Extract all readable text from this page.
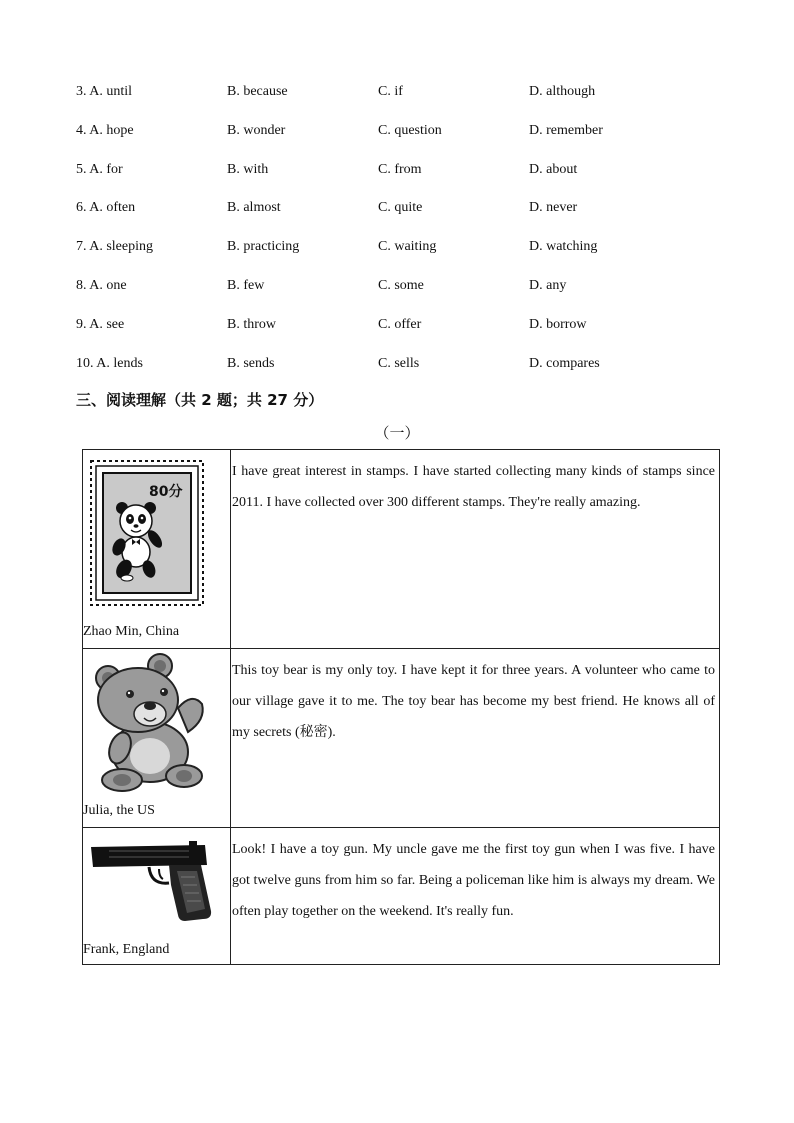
3. A. until	B. because	C. if	D. although
4. A. hope	B. wonder	C. question	D. remember
5. A. for	B. with	C. from	D. about
6. A. often	B. almost	C. quite	D. never
7. A. sleeping	B. practicing	C. waiting	D. watching
8. A. one	B. few	C. some	D. any
9. A. see	B. throw	C. offer	D. borrow
10. A. lends	B. sends	C. sells	D. compares
三、阅读理解（共 2 题；共 27 分）
（一）
80分
Zhao Min, China	I have great interest in stamps. I have started collecting many kinds of stamps since 2011. I have collected over 300 different stamps. They're really amazing.

Julia, the US	This toy bear is my only toy. I have kept it for three years. A volunteer who came to our village gave it to me. The toy bear has become my best friend. He knows all of my secrets (秘密).

Frank, England	Look! I have a toy gun. My uncle gave me the first toy gun when I was five. I have got twelve guns from him so far. Being a policeman like him is always my dream. We often play together on the weekend. It's really fun.
